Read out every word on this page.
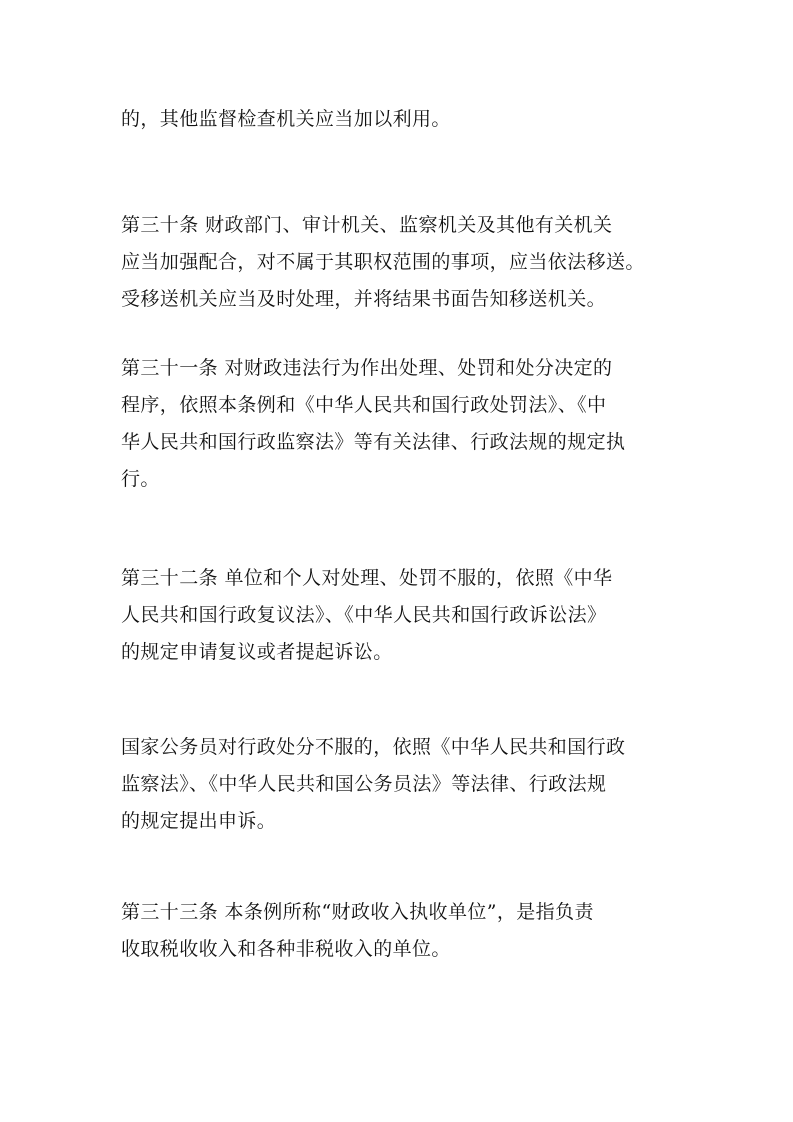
的，其他监督检查机关应当加以利用。
第三十条 财政部门、审计机关、监察机关及其他有关机关
应当加强配合，对不属于其职权范围的事项，应当依法移送。
受移送机关应当及时处理，并将结果书面告知移送机关。
第三十一条 对财政违法行为作出处理、处罚和处分决定的
程序，依照本条例和《中华人民共和国行政处罚法》、《中
华人民共和国行政监察法》等有关法律、行政法规的规定执
行。
第三十二条 单位和个人对处理、处罚不服的，依照《中华
人民共和国行政复议法》、《中华人民共和国行政诉讼法》
的规定申请复议或者提起诉讼。
国家公务员对行政处分不服的，依照《中华人民共和国行政
监察法》、《中华人民共和国公务员法》等法律、行政法规
的规定提出申诉。
第三十三条 本条例所称“财政收入执收单位”，是指负责
收取税收收入和各种非税收入的单位。
